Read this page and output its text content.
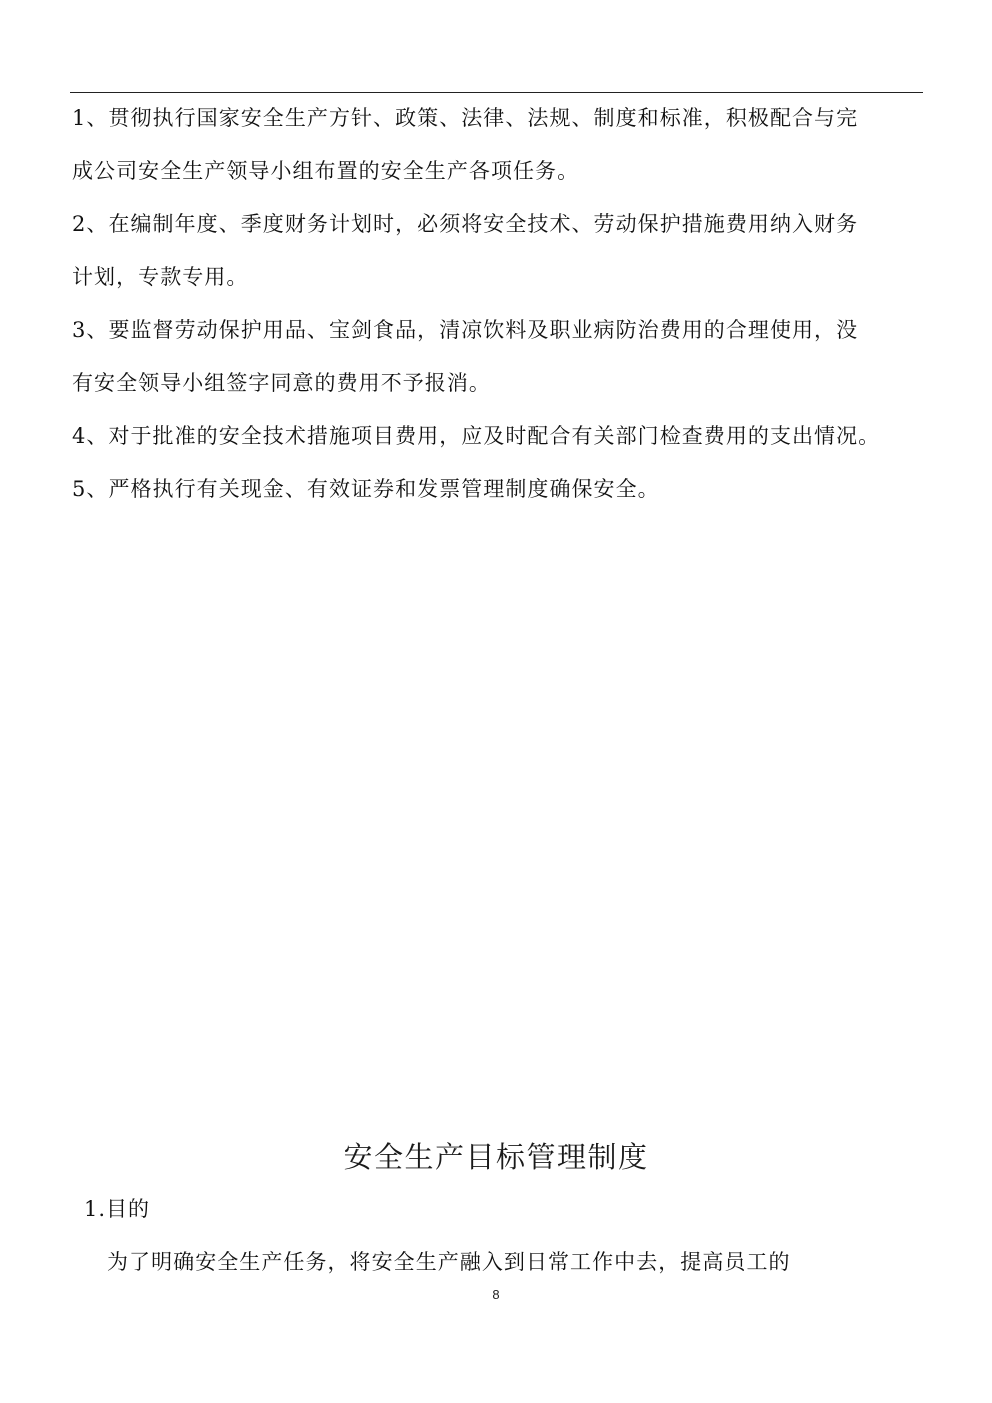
1、贯彻执行国家安全生产方针、政策、法律、法规、制度和标准，积极配合与完
成公司安全生产领导小组布置的安全生产各项任务。

2、在编制年度、季度财务计划时，必须将安全技术、劳动保护措施费用纳入财务
计划，专款专用。

3、要监督劳动保护用品、宝剑食品，清凉饮料及职业病防治费用的合理使用，没
有安全领导小组签字同意的费用不予报消。

4、对于批准的安全技术措施项目费用，应及时配合有关部门检查费用的支出情况。

5、严格执行有关现金、有效证券和发票管理制度确保安全。

安全生产目标管理制度
1.目的

为了明确安全生产任务，将安全生产融入到日常工作中去，提高员工的

8
